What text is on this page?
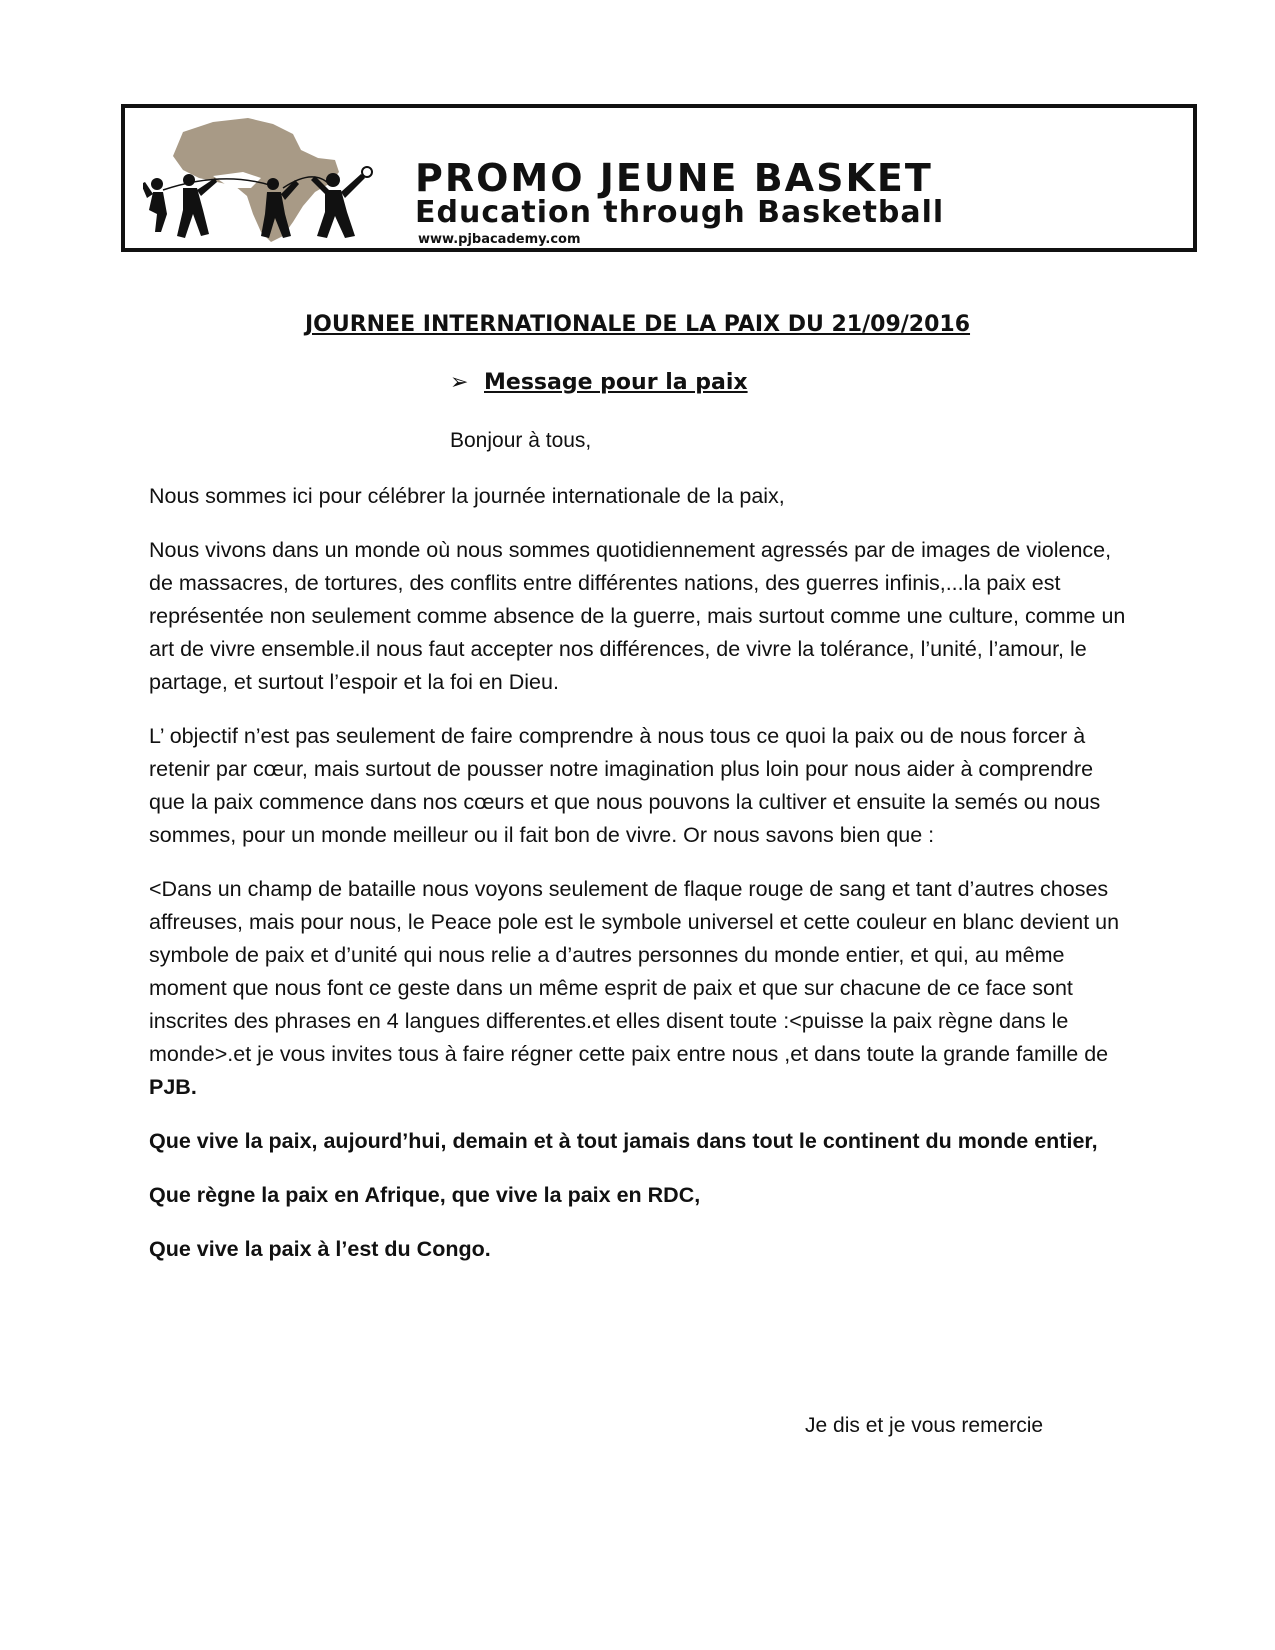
PROMO JEUNE BASKET
Education through Basketball
www.pjbacademy.com
JOURNEE INTERNATIONALE DE LA PAIX DU 21/09/2016
➢ Message pour la paix
Bonjour à tous,

Nous sommes ici pour célébrer la journée internationale de la paix,

Nous vivons dans un monde où nous sommes quotidiennement agressés par de images de violence, de massacres, de tortures, des conflits entre différentes nations, des guerres infinis,...la paix est représentée non seulement comme absence de la guerre, mais surtout comme une culture, comme un art de vivre ensemble.il nous faut accepter nos différences, de vivre la tolérance, l’unité, l’amour, le partage, et surtout l’espoir et la foi en Dieu.

L’ objectif n’est pas seulement de faire comprendre à nous tous ce quoi la paix ou de nous forcer à retenir par cœur, mais surtout de pousser notre imagination plus loin pour nous aider à comprendre que la paix commence dans nos cœurs et que nous pouvons la cultiver et ensuite la semés ou nous sommes, pour un monde meilleur ou il fait bon de vivre. Or nous savons bien que :

<Dans un champ de bataille nous voyons seulement de flaque rouge de sang et tant d’autres choses affreuses, mais pour nous, le Peace pole est le symbole universel et cette couleur en blanc devient un symbole de paix et d’unité qui nous relie a d’autres personnes du monde entier, et qui, au même moment que nous font ce geste dans un même esprit de paix et que sur chacune de ce face sont inscrites des phrases en 4 langues differentes.et elles disent toute :<puisse la paix règne dans le monde>.et je vous invites tous à faire régner cette paix entre nous ,et dans toute la grande famille de PJB.

Que vive la paix, aujourd’hui, demain et à tout jamais dans tout le continent du monde entier,

Que règne la paix en Afrique, que vive la paix en RDC,

Que vive la paix à l’est du Congo.

Je dis et je vous remercie
